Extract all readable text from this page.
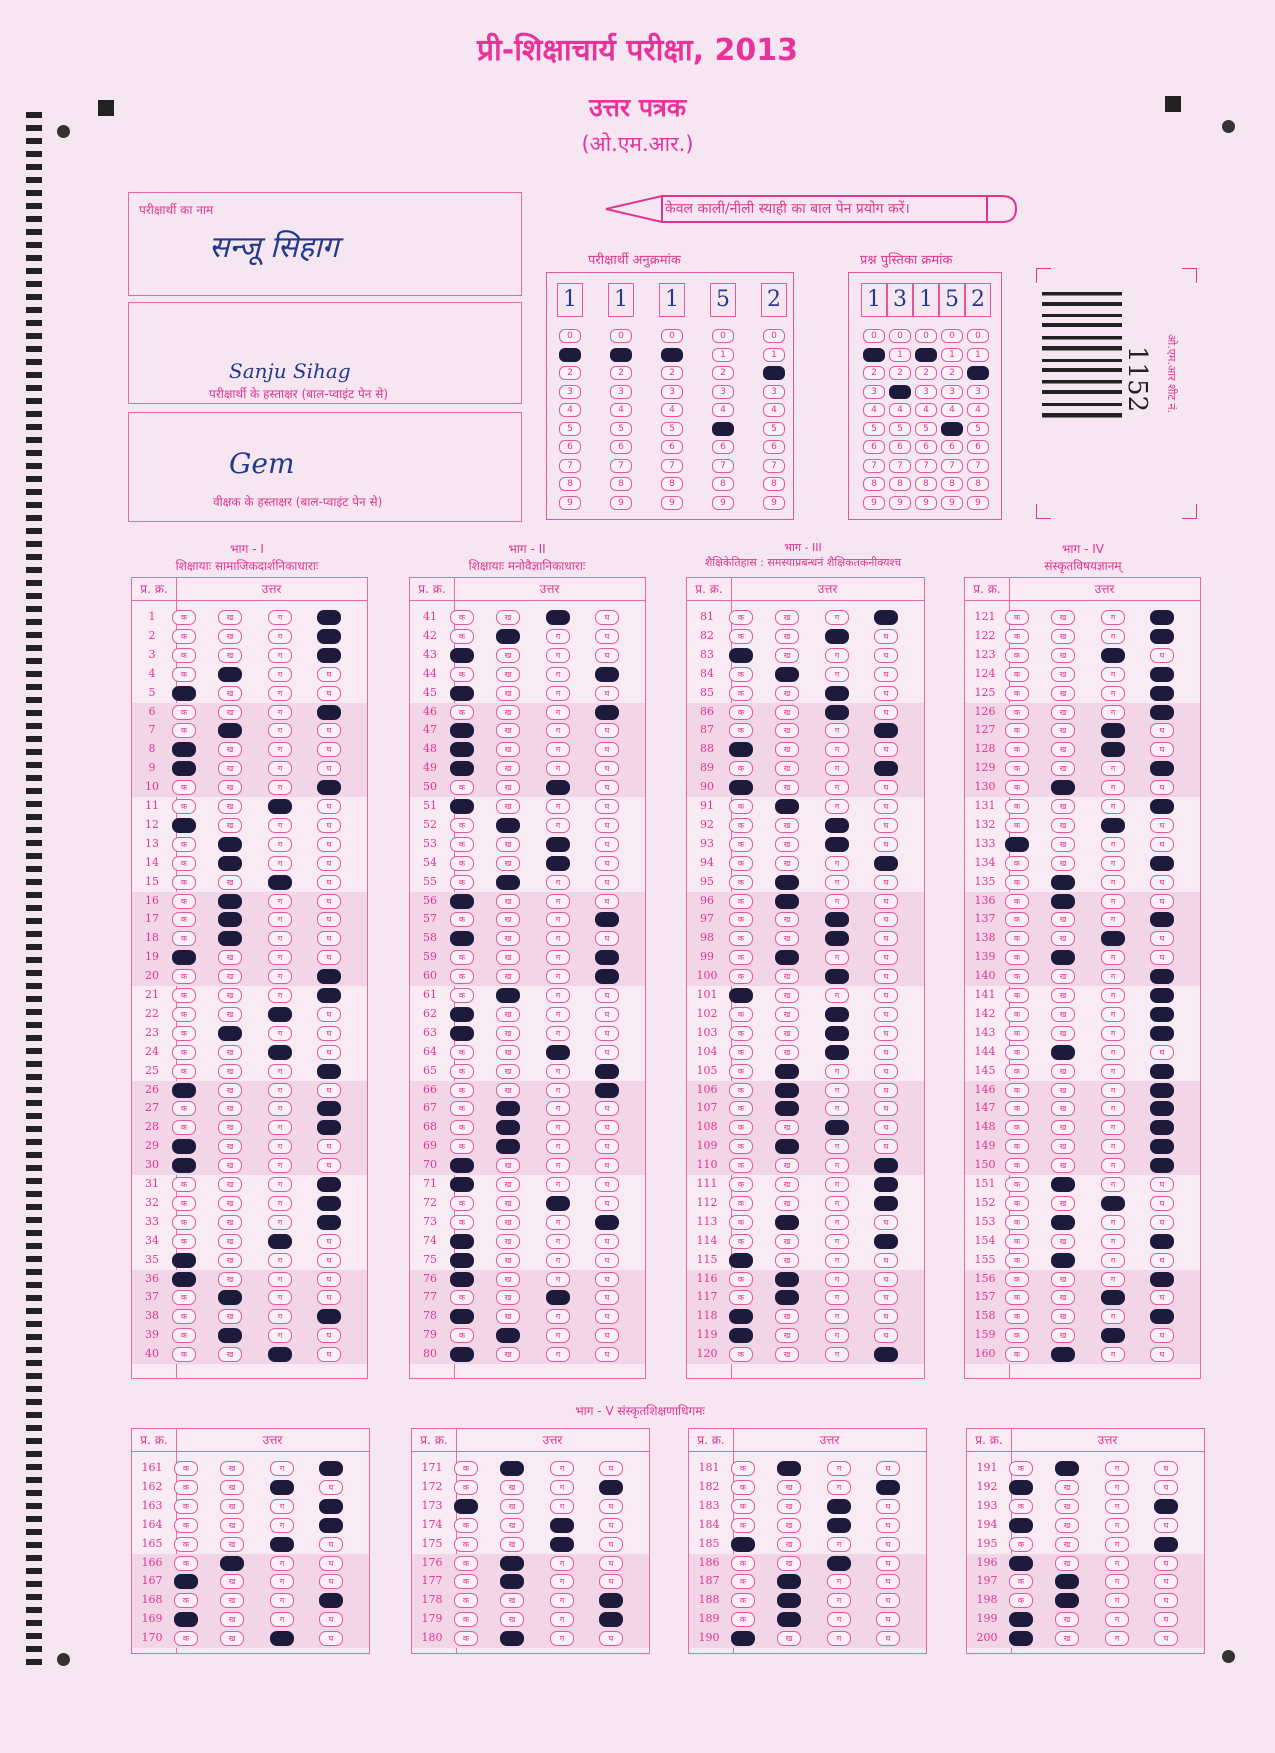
प्री-शिक्षाचार्य परीक्षा, 2013
उत्तर पत्रक
(ओ.एम.आर.)
परीक्षार्थी का नाम
सन्जू सिहाग
Sanju Sihag
परीक्षार्थी के हस्ताक्षर (बाल-प्वाइंट पेन से)
Gem
वीक्षक के हस्ताक्षर (बाल-प्वाइंट पेन से)
केवल काली/नीली स्याही का बाल पेन प्रयोग करें।
परीक्षार्थी अनुक्रमांक
1
0
1
2
3
4
5
6
7
8
9
1
0
1
2
3
4
5
6
7
8
9
1
0
1
2
3
4
5
6
7
8
9
5
0
1
2
3
4
5
6
7
8
9
2
0
1
2
3
4
5
6
7
8
9
प्रश्न पुस्तिका क्रमांक
1
0
1
2
3
4
5
6
7
8
9
3
0
1
2
3
4
5
6
7
8
9
1
0
1
2
3
4
5
6
7
8
9
5
0
1
2
3
4
5
6
7
8
9
2
0
1
2
3
4
5
6
7
8
9
1152 ओ.एम.आर शीट नं.
भाग - I
शिक्षायाः सामाजिकदार्शनिकाधाराः
भाग - II
शिक्षायाः मनोवैज्ञानिकाधाराः
भाग - III
शैक्षिकेतिहास : समस्याप्रबन्धनं शैक्षिकतकनीक्यश्च
भाग - IV
संस्कृतविषयज्ञानम्
प्र. क्र.	उत्तर
1	क	ख	ग	घ
2	क	ख	ग	घ
3	क	ख	ग	घ
4	क	ख	ग	घ
5	क	ख	ग	घ
6	क	ख	ग	घ
7	क	ख	ग	घ
8	क	ख	ग	घ
9	क	ख	ग	घ
10	क	ख	ग	घ
11	क	ख	ग	घ
12	क	ख	ग	घ
13	क	ख	ग	घ
14	क	ख	ग	घ
15	क	ख	ग	घ
16	क	ख	ग	घ
17	क	ख	ग	घ
18	क	ख	ग	घ
19	क	ख	ग	घ
20	क	ख	ग	घ
21	क	ख	ग	घ
22	क	ख	ग	घ
23	क	ख	ग	घ
24	क	ख	ग	घ
25	क	ख	ग	घ
26	क	ख	ग	घ
27	क	ख	ग	घ
28	क	ख	ग	घ
29	क	ख	ग	घ
30	क	ख	ग	घ
31	क	ख	ग	घ
32	क	ख	ग	घ
33	क	ख	ग	घ
34	क	ख	ग	घ
35	क	ख	ग	घ
36	क	ख	ग	घ
37	क	ख	ग	घ
38	क	ख	ग	घ
39	क	ख	ग	घ
40	क	ख	ग	घ
प्र. क्र.	उत्तर
41	क	ख	ग	घ
42	क	ख	ग	घ
43	क	ख	ग	घ
44	क	ख	ग	घ
45	क	ख	ग	घ
46	क	ख	ग	घ
47	क	ख	ग	घ
48	क	ख	ग	घ
49	क	ख	ग	घ
50	क	ख	ग	घ
51	क	ख	ग	घ
52	क	ख	ग	घ
53	क	ख	ग	घ
54	क	ख	ग	घ
55	क	ख	ग	घ
56	क	ख	ग	घ
57	क	ख	ग	घ
58	क	ख	ग	घ
59	क	ख	ग	घ
60	क	ख	ग	घ
61	क	ख	ग	घ
62	क	ख	ग	घ
63	क	ख	ग	घ
64	क	ख	ग	घ
65	क	ख	ग	घ
66	क	ख	ग	घ
67	क	ख	ग	घ
68	क	ख	ग	घ
69	क	ख	ग	घ
70	क	ख	ग	घ
71	क	ख	ग	घ
72	क	ख	ग	घ
73	क	ख	ग	घ
74	क	ख	ग	घ
75	क	ख	ग	घ
76	क	ख	ग	घ
77	क	ख	ग	घ
78	क	ख	ग	घ
79	क	ख	ग	घ
80	क	ख	ग	घ
प्र. क्र.	उत्तर
81	क	ख	ग	घ
82	क	ख	ग	घ
83	क	ख	ग	घ
84	क	ख	ग	घ
85	क	ख	ग	घ
86	क	ख	ग	घ
87	क	ख	ग	घ
88	क	ख	ग	घ
89	क	ख	ग	घ
90	क	ख	ग	घ
91	क	ख	ग	घ
92	क	ख	ग	घ
93	क	ख	ग	घ
94	क	ख	ग	घ
95	क	ख	ग	घ
96	क	ख	ग	घ
97	क	ख	ग	घ
98	क	ख	ग	घ
99	क	ख	ग	घ
100	क	ख	ग	घ
101	क	ख	ग	घ
102	क	ख	ग	घ
103	क	ख	ग	घ
104	क	ख	ग	घ
105	क	ख	ग	घ
106	क	ख	ग	घ
107	क	ख	ग	घ
108	क	ख	ग	घ
109	क	ख	ग	घ
110	क	ख	ग	घ
111	क	ख	ग	घ
112	क	ख	ग	घ
113	क	ख	ग	घ
114	क	ख	ग	घ
115	क	ख	ग	घ
116	क	ख	ग	घ
117	क	ख	ग	घ
118	क	ख	ग	घ
119	क	ख	ग	घ
120	क	ख	ग	घ
प्र. क्र.	उत्तर
121	क	ख	ग	घ
122	क	ख	ग	घ
123	क	ख	ग	घ
124	क	ख	ग	घ
125	क	ख	ग	घ
126	क	ख	ग	घ
127	क	ख	ग	घ
128	क	ख	ग	घ
129	क	ख	ग	घ
130	क	ख	ग	घ
131	क	ख	ग	घ
132	क	ख	ग	घ
133	क	ख	ग	घ
134	क	ख	ग	घ
135	क	ख	ग	घ
136	क	ख	ग	घ
137	क	ख	ग	घ
138	क	ख	ग	घ
139	क	ख	ग	घ
140	क	ख	ग	घ
141	क	ख	ग	घ
142	क	ख	ग	घ
143	क	ख	ग	घ
144	क	ख	ग	घ
145	क	ख	ग	घ
146	क	ख	ग	घ
147	क	ख	ग	घ
148	क	ख	ग	घ
149	क	ख	ग	घ
150	क	ख	ग	घ
151	क	ख	ग	घ
152	क	ख	ग	घ
153	क	ख	ग	घ
154	क	ख	ग	घ
155	क	ख	ग	घ
156	क	ख	ग	घ
157	क	ख	ग	घ
158	क	ख	ग	घ
159	क	ख	ग	घ
160	क	ख	ग	घ
भाग - V संस्कृतशिक्षणाधिगमः
प्र. क्र.	उत्तर
161	क	ख	ग	घ
162	क	ख	ग	घ
163	क	ख	ग	घ
164	क	ख	ग	घ
165	क	ख	ग	घ
166	क	ख	ग	घ
167	क	ख	ग	घ
168	क	ख	ग	घ
169	क	ख	ग	घ
170	क	ख	ग	घ
प्र. क्र.	उत्तर
171	क	ख	ग	घ
172	क	ख	ग	घ
173	क	ख	ग	घ
174	क	ख	ग	घ
175	क	ख	ग	घ
176	क	ख	ग	घ
177	क	ख	ग	घ
178	क	ख	ग	घ
179	क	ख	ग	घ
180	क	ख	ग	घ
प्र. क्र.	उत्तर
181	क	ख	ग	घ
182	क	ख	ग	घ
183	क	ख	ग	घ
184	क	ख	ग	घ
185	क	ख	ग	घ
186	क	ख	ग	घ
187	क	ख	ग	घ
188	क	ख	ग	घ
189	क	ख	ग	घ
190	क	ख	ग	घ
प्र. क्र.	उत्तर
191	क	ख	ग	घ
192	क	ख	ग	घ
193	क	ख	ग	घ
194	क	ख	ग	घ
195	क	ख	ग	घ
196	क	ख	ग	घ
197	क	ख	ग	घ
198	क	ख	ग	घ
199	क	ख	ग	घ
200	क	ख	ग	घ
